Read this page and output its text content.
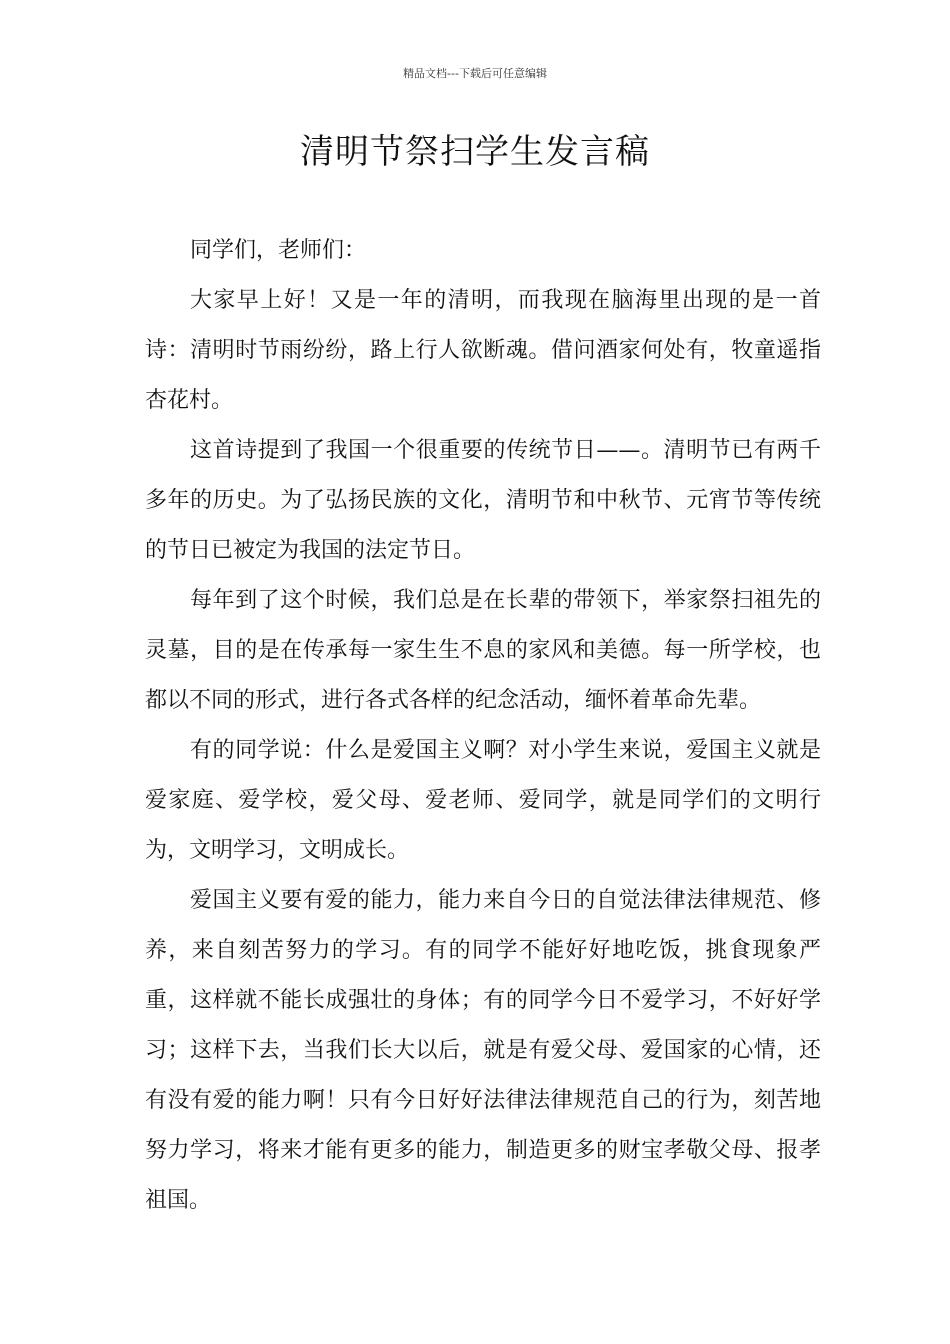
精品文档---下载后可任意编辑
清明节祭扫学生发言稿

同学们，老师们：

大家早上好！又是一年的清明，而我现在脑海里出现的是一首诗：清明时节雨纷纷，路上行人欲断魂。借问酒家何处有，牧童遥指杏花村。

这首诗提到了我国一个很重要的传统节日——。清明节已有两千多年的历史。为了弘扬民族的文化，清明节和中秋节、元宵节等传统的节日已被定为我国的法定节日。

每年到了这个时候，我们总是在长辈的带领下，举家祭扫祖先的灵墓，目的是在传承每一家生生不息的家风和美德。每一所学校，也都以不同的形式，进行各式各样的纪念活动，缅怀着革命先辈。

有的同学说：什么是爱国主义啊？对小学生来说，爱国主义就是爱家庭、爱学校，爱父母、爱老师、爱同学，就是同学们的文明行为，文明学习，文明成长。

爱国主义要有爱的能力，能力来自今日的自觉法律法律规范、修养，来自刻苦努力的学习。有的同学不能好好地吃饭，挑食现象严重，这样就不能长成强壮的身体；有的同学今日不爱学习，不好好学习；这样下去，当我们长大以后，就是有爱父母、爱国家的心情，还有没有爱的能力啊！只有今日好好法律法律规范自己的行为，刻苦地努力学习，将来才能有更多的能力，制造更多的财宝孝敬父母、报孝祖国。
